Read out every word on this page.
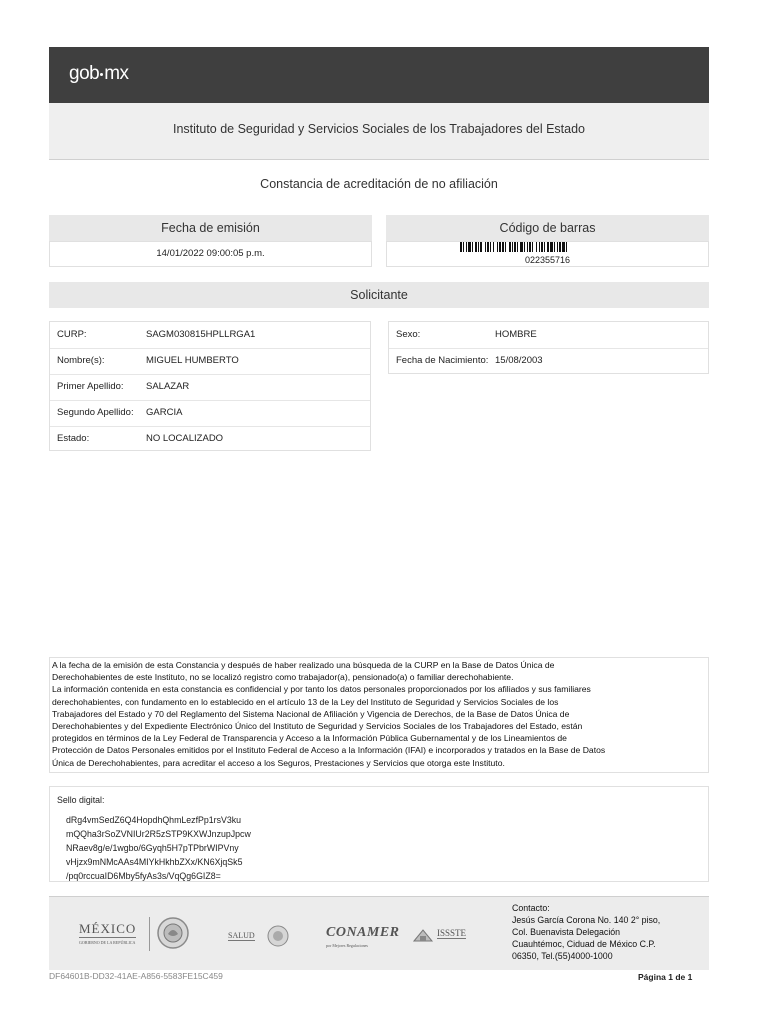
gob mx
Instituto de Seguridad y Servicios Sociales de los Trabajadores del Estado
Constancia de acreditación de no afiliación
Fecha de emisión
14/01/2022 09:00:05 p.m.
Código de barras
022355716
Solicitante
CURP:	SAGM030815HPLLRGA1
Nombre(s):	MIGUEL HUMBERTO
Primer Apellido: SALAZAR
Segundo Apellido: GARCIA
Estado:	NO LOCALIZADO
Sexo:	HOMBRE
Fecha de Nacimiento: 15/08/2003
A la fecha de la emisión de esta Constancia y después de haber realizado una búsqueda de la CURP en la Base de Datos Única de
Derechohabientes de este Instituto, no se localizó registro como trabajador(a), pensionado(a) o familiar derechohabiente.
La información contenida en esta constancia es confidencial y por tanto los datos personales proporcionados por los afiliados y sus familiares
derechohabientes, con fundamento en lo establecido en el artículo 13 de la Ley del Instituto de Seguridad y Servicios Sociales de los
Trabajadores del Estado y 70 del Reglamento del Sistema Nacional de Afiliación y Vigencia de Derechos, de la Base de Datos Única de
Derechohabientes y del Expediente Electrónico Único del Instituto de Seguridad y Servicios Sociales de los Trabajadores del Estado, están
protegidos en términos de la Ley Federal de Transparencia y Acceso a la Información Pública Gubernamental y de los Lineamientos de
Protección de Datos Personales emitidos por el Instituto Federal de Acceso a la Información (IFAI) e incorporados y tratados en la Base de Datos
Única de Derechohabientes, para acreditar el acceso a los Seguros, Prestaciones y Servicios que otorga este Instituto.
Sello digital:
dRg4vmSedZ6Q4HopdhQhmLezfPp1rsV3ku
mQQha3rSoZVNIUr2R5zSTP9KXWJnzupJpcw
NRaev8g/e/1wgbo/6Gyqh5H7pTPbrWIPVny
vHjzx9mNMcAAs4MIYkHkhbZXx/KN6XjqSk5
/pq0rccuaID6Mby5fyAs3s/VqQg6GIZ8=
MÉXICO
GOBIERNO DE LA REPÚBLICA
SALUD	CONAMER
por Mejores Regulaciones
ISSSTE
Contacto:
Jesús García Corona No. 140 2° piso,
Col. Buenavista Delegación
Cuauhtémoc, Ciduad de México C.P.
06350, Tel.(55)4000-1000
DF64601B-DD32-41AE-A856-5583FE15C459	Página 1 de 1
